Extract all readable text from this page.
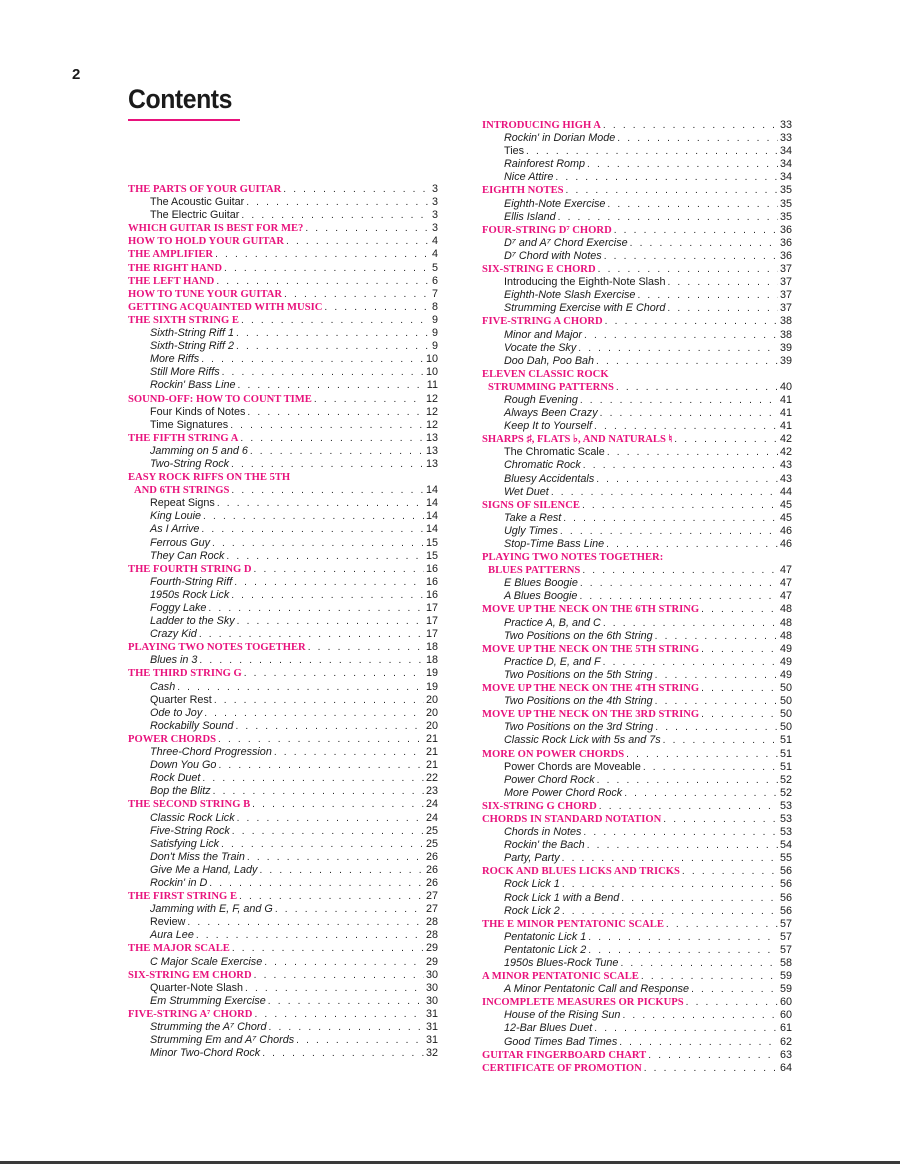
2
Contents
THE PARTS OF YOUR GUITAR . . .	3
The Acoustic Guitar . . .	3
The Electric Guitar . . .	3
WHICH GUITAR IS BEST FOR ME? . . .	3
HOW TO HOLD YOUR GUITAR . . .	4
THE AMPLIFIER . . .	4
THE RIGHT HAND . . .	5
THE LEFT HAND . . .	6
HOW TO TUNE YOUR GUITAR . . .	7
GETTING ACQUAINTED WITH MUSIC . . .	8
THE SIXTH STRING E . . .	9
Sixth-String Riff 1 . . .	9
Sixth-String Riff 2 . . .	9
More Riffs . . .	10
Still More Riffs . . .	10
Rockin' Bass Line . . .	11
SOUND-OFF: HOW TO COUNT TIME . . .	12
Four Kinds of Notes . . .	12
Time Signatures . . .	12
THE FIFTH STRING A . . .	13
Jamming on 5 and 6 . . .	13
Two-String Rock . . .	13
EASY ROCK RIFFS ON THE 5TH
AND 6TH STRINGS . . .	14
Repeat Signs . . .	14
King Louie . . .	14
As I Arrive . . .	14
Ferrous Guy . . .	15
They Can Rock . . .	15
THE FOURTH STRING D . . .	16
Fourth-String Riff . . .	16
1950s Rock Lick . . .	16
Foggy Lake . . .	17
Ladder to the Sky . . .	17
Crazy Kid . . .	17
PLAYING TWO NOTES TOGETHER . . .	18
Blues in 3 . . .	18
THE THIRD STRING G . . .	19
Cash . . .	19
Quarter Rest . . .	20
Ode to Joy . . .	20
Rockabilly Sound . . .	20
POWER CHORDS . . .	21
Three-Chord Progression . . .	21
Down You Go . . .	21
Rock Duet . . .	22
Bop the Blitz . . .	23
THE SECOND STRING B . . .	24
Classic Rock Lick . . .	24
Five-String Rock . . .	25
Satisfying Lick . . .	25
Don't Miss the Train . . .	26
Give Me a Hand, Lady . . .	26
Rockin' in D . . .	26
THE FIRST STRING E . . .	27
Jamming with E, F, and G . . .	27
Review . . .	28
Aura Lee . . .	28
THE MAJOR SCALE . . .	29
C Major Scale Exercise . . .	29
SIX-STRING EM CHORD . . .	30
Quarter-Note Slash . . .	30
Em Strumming Exercise . . .	30
FIVE-STRING A⁷ CHORD . . .	31
Strumming the A⁷ Chord . . .	31
Strumming Em and A⁷ Chords . . .	31
Minor Two-Chord Rock . . .	32
INTRODUCING HIGH A . . .	33
Rockin' in Dorian Mode . . .	33
Ties . . .	34
Rainforest Romp . . .	34
Nice Attire . . .	34
EIGHTH NOTES . . .	35
Eighth-Note Exercise . . .	35
Ellis Island . . .	35
FOUR-STRING D⁷ CHORD . . .	36
D⁷ and A⁷ Chord Exercise . . .	36
D⁷ Chord with Notes . . .	36
SIX-STRING E CHORD . . .	37
Introducing the Eighth-Note Slash . . .	37
Eighth-Note Slash Exercise . . .	37
Strumming Exercise with E Chord . . .	37
FIVE-STRING A CHORD . . .	38
Minor and Major . . .	38
Vocate the Sky . . .	39
Doo Dah, Poo Bah . . .	39
ELEVEN CLASSIC ROCK
STRUMMING PATTERNS . . .	40
Rough Evening . . .	41
Always Been Crazy . . .	41
Keep It to Yourself . . .	41
SHARPS ♯, FLATS ♭, AND NATURALS ♮ . . .	42
The Chromatic Scale . . .	42
Chromatic Rock . . .	43
Bluesy Accidentals . . .	43
Wet Duet . . .	44
SIGNS OF SILENCE . . .	45
Take a Rest . . .	45
Ugly Times . . .	46
Stop-Time Bass Line . . .	46
PLAYING TWO NOTES TOGETHER:
BLUES PATTERNS . . .	47
E Blues Boogie . . .	47
A Blues Boogie . . .	47
MOVE UP THE NECK ON THE 6TH STRING . . .	48
Practice A, B, and C . . .	48
Two Positions on the 6th String . . .	48
MOVE UP THE NECK ON THE 5TH STRING . . .	49
Practice D, E, and F . . .	49
Two Positions on the 5th String . . .	49
MOVE UP THE NECK ON THE 4TH STRING . . .	50
Two Positions on the 4th String . . .	50
MOVE UP THE NECK ON THE 3RD STRING . . .	50
Two Positions on the 3rd String . . .	50
Classic Rock Lick with 5s and 7s . . .	51
MORE ON POWER CHORDS . . .	51
Power Chords are Moveable . . .	51
Power Chord Rock . . .	52
More Power Chord Rock . . .	52
SIX-STRING G CHORD . . .	53
CHORDS IN STANDARD NOTATION . . .	53
Chords in Notes . . .	53
Rockin' the Bach . . .	54
Party, Party . . .	55
ROCK AND BLUES LICKS AND TRICKS . . .	56
Rock Lick 1 . . .	56
Rock Lick 1 with a Bend . . .	56
Rock Lick 2 . . .	56
THE E MINOR PENTATONIC SCALE . . .	57
Pentatonic Lick 1 . . .	57
Pentatonic Lick 2 . . .	57
1950s Blues-Rock Tune . . .	58
A MINOR PENTATONIC SCALE . . .	59
A Minor Pentatonic Call and Response . . .	59
INCOMPLETE MEASURES OR PICKUPS . . .	60
House of the Rising Sun . . .	60
12-Bar Blues Duet . . .	61
Good Times Bad Times . . .	62
GUITAR FINGERBOARD CHART . . .	63
CERTIFICATE OF PROMOTION . . .	64
